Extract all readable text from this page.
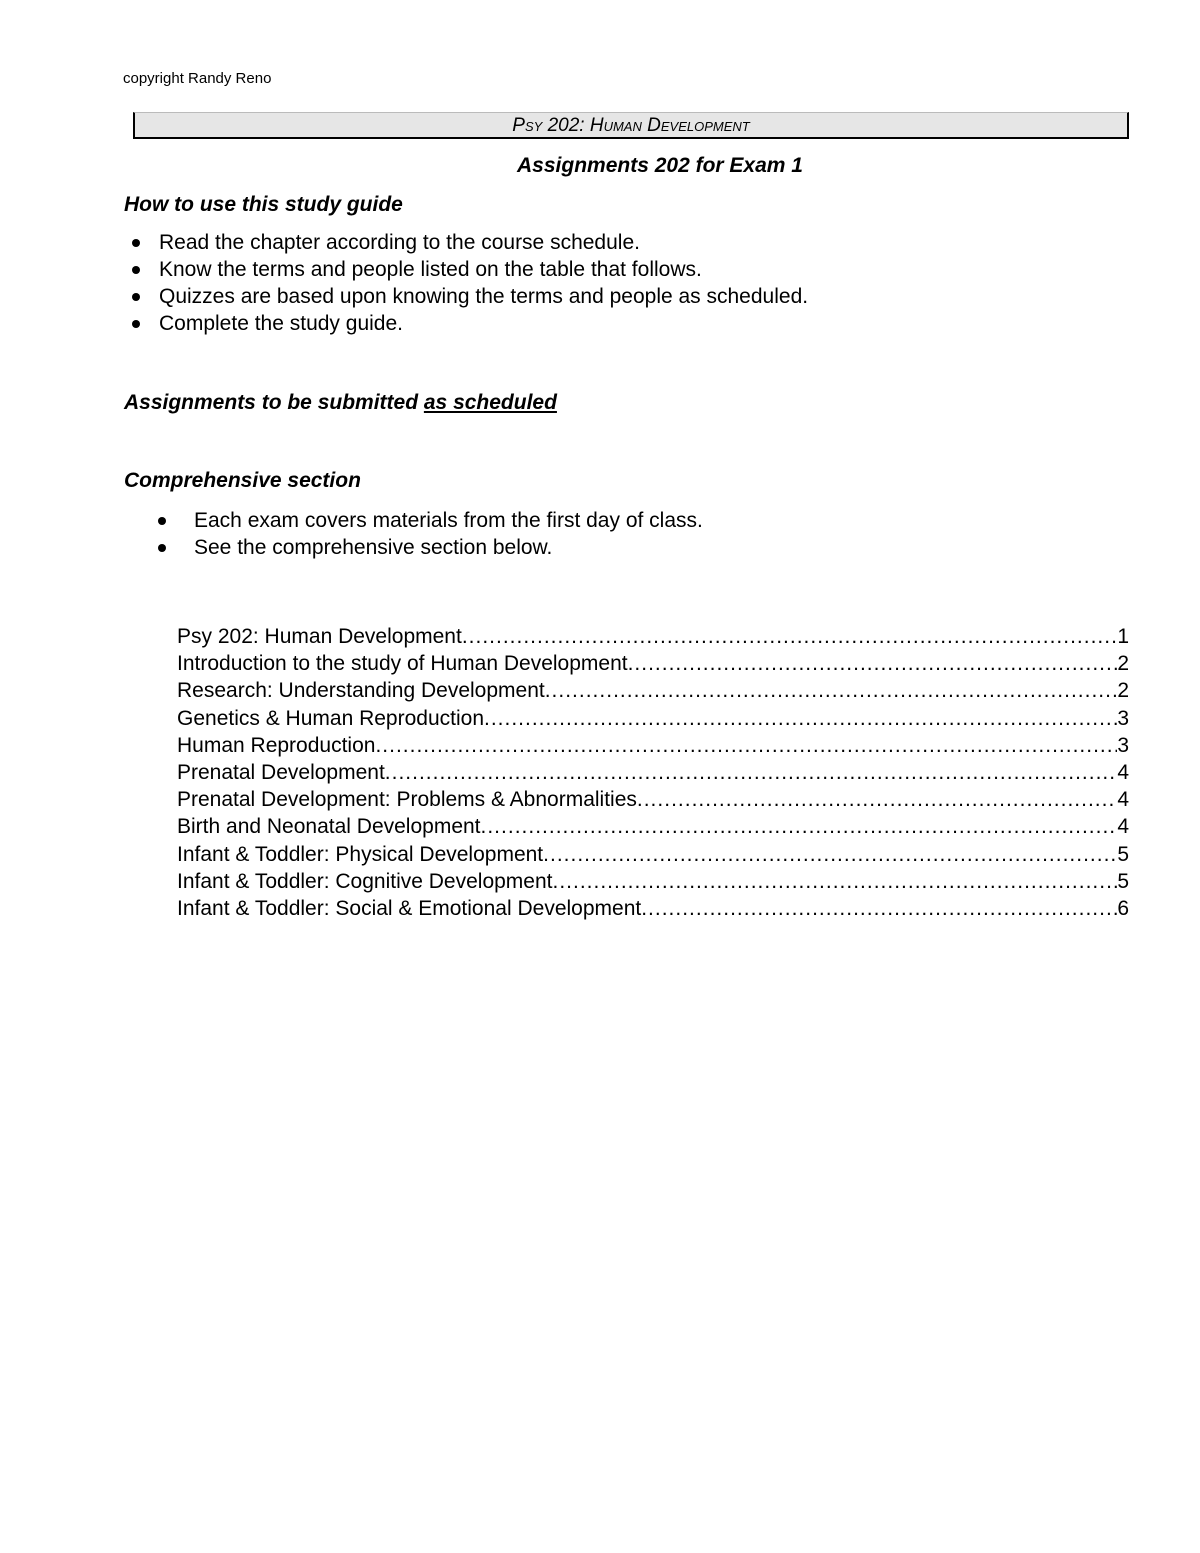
copyright Randy Reno
Psy 202: Human Development
Assignments 202 for Exam 1
How to use this study guide
Read the chapter according to the course schedule.
Know the terms and people listed on the table that follows.
Quizzes are based upon knowing the terms and people as scheduled.
Complete the study guide.
Assignments to be submitted as scheduled
Comprehensive section
Each exam covers materials from the first day of class.
See the comprehensive section below.
Psy 202: Human Development .....	1
Introduction to the study of Human Development .....	2
Research: Understanding Development .....	2
Genetics & Human Reproduction .....	3
Human Reproduction .....	3
Prenatal Development .....	4
Prenatal Development: Problems & Abnormalities .....	4
Birth and Neonatal Development .....	4
Infant & Toddler: Physical Development .....	5
Infant & Toddler: Cognitive Development .....	5
Infant & Toddler: Social & Emotional Development .....	6
